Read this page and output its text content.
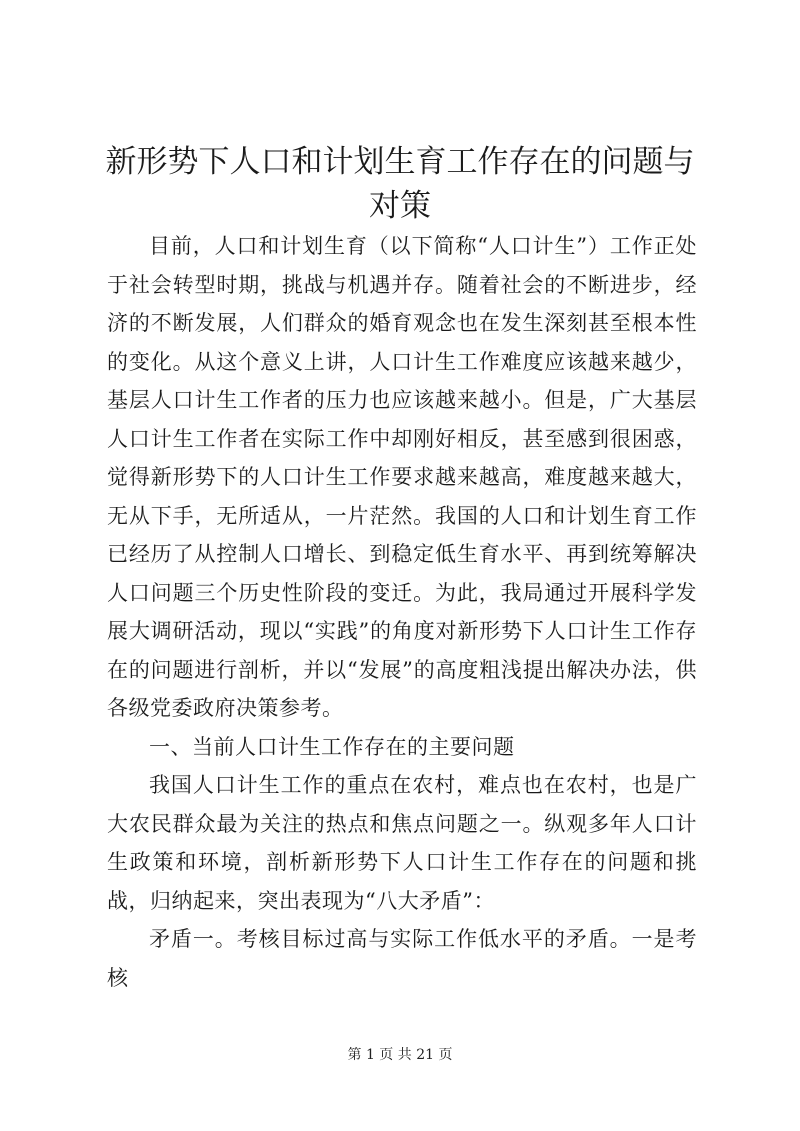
新形势下人口和计划生育工作存在的问题与对策

目前，人口和计划生育（以下简称“人口计生”）工作正处于社会转型时期，挑战与机遇并存。随着社会的不断进步，经济的不断发展，人们群众的婚育观念也在发生深刻甚至根本性的变化。从这个意义上讲，人口计生工作难度应该越来越少，基层人口计生工作者的压力也应该越来越小。但是，广大基层人口计生工作者在实际工作中却刚好相反，甚至感到很困惑，觉得新形势下的人口计生工作要求越来越高，难度越来越大，无从下手，无所适从，一片茫然。我国的人口和计划生育工作已经历了从控制人口增长、到稳定低生育水平、再到统筹解决人口问题三个历史性阶段的变迁。为此，我局通过开展科学发展大调研活动，现以“实践”的角度对新形势下人口计生工作存在的问题进行剖析，并以“发展”的高度粗浅提出解决办法，供各级党委政府决策参考。

一、当前人口计生工作存在的主要问题

我国人口计生工作的重点在农村，难点也在农村，也是广大农民群众最为关注的热点和焦点问题之一。纵观多年人口计生政策和环境，剖析新形势下人口计生工作存在的问题和挑战，归纳起来，突出表现为“八大矛盾”：

矛盾一。考核目标过高与实际工作低水平的矛盾。一是考核

第 1 页 共 21 页
